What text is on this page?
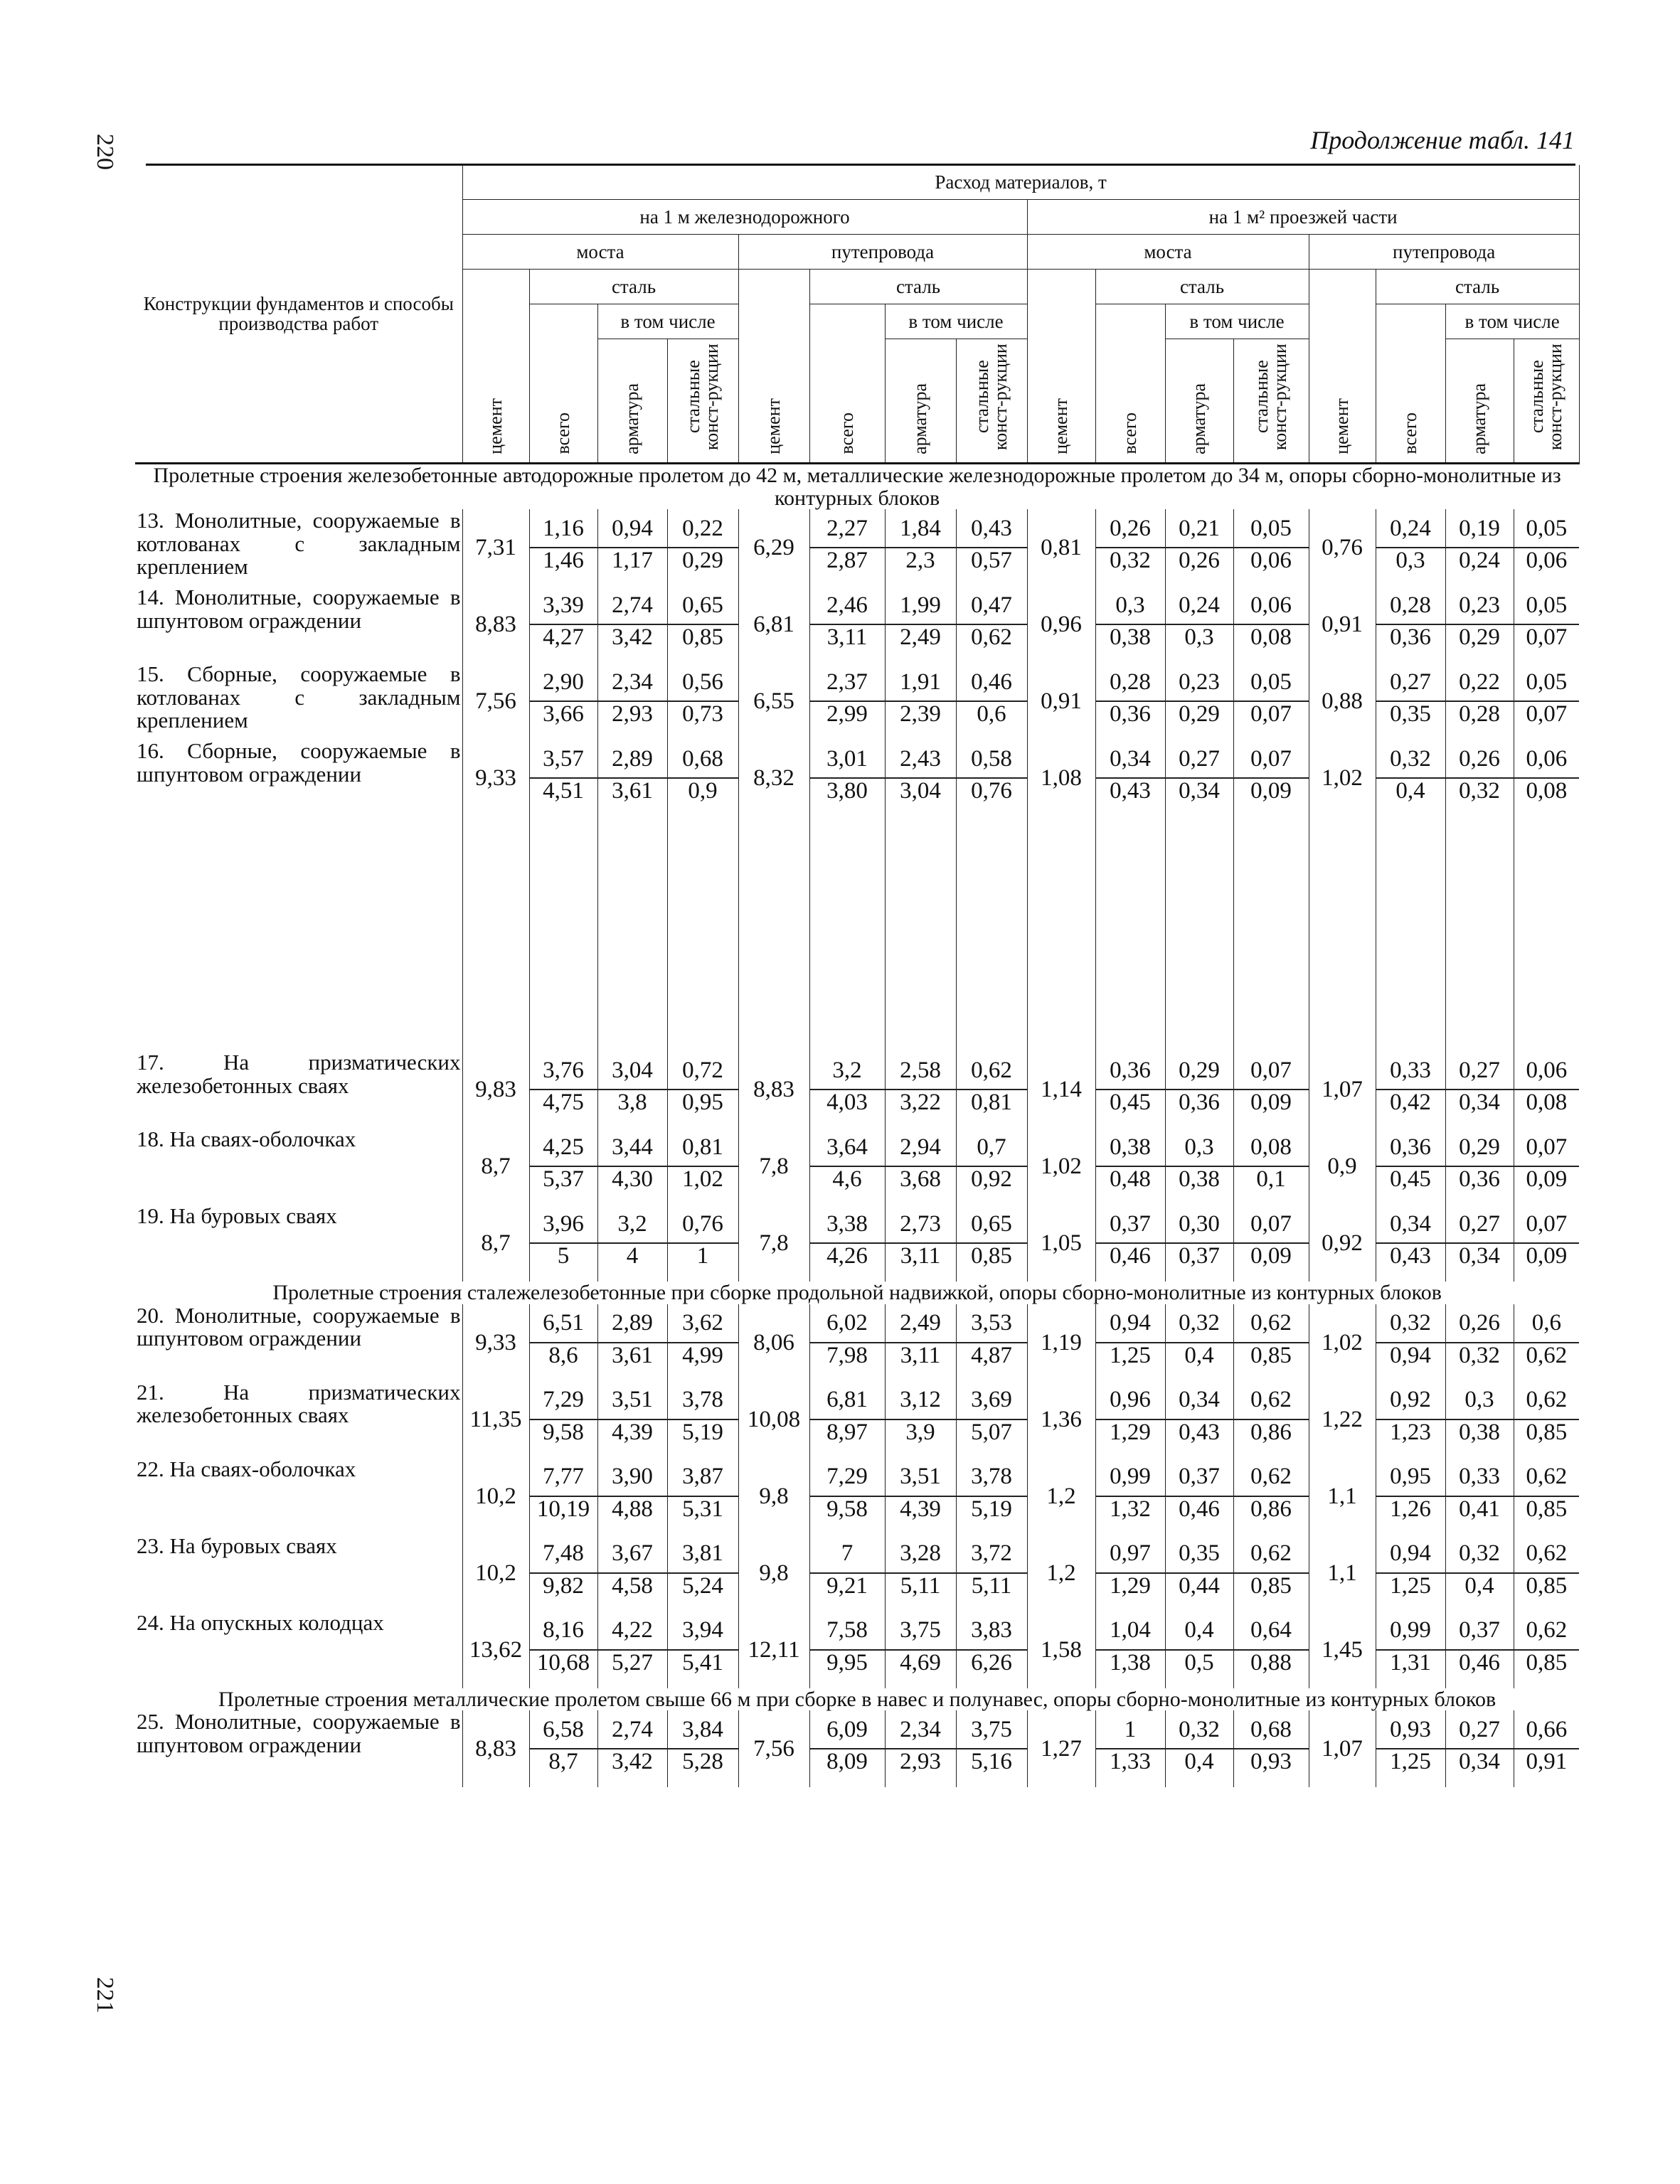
220
221
Продолжение табл. 141
Конструкции фундаментов и способы производства работ	Расход материалов, т															
	на 1 м железнодорожного								на 1 м² проезжей части							
	моста				путепровода				моста				путепровода			
	цемент	сталь			цемент	сталь			цемент	сталь			цемент	сталь		
		всего	в том числе			всего	в том числе			всего	в том числе			всего	в том числе	
			арматура	стальные конст-рукции			арматура	стальные конст-рукции			арматура	стальные конст-рукции			арматура	стальные конст-рукции
Пролетные строения железобетонные автодорожные пролетом до 42 м, металлические железнодорожные пролетом до 34 м, опоры сборно-монолитные из контурных блоков																
13. Монолитные, сооружаемые в котлованах с закладным креплением	7,31	1,16	0,94	0,22	6,29	2,27	1,84	0,43	0,81	0,26	0,21	0,05	0,76	0,24	0,19	0,05
		1,46	1,17	0,29		2,87	2,3	0,57		0,32	0,26	0,06		0,3	0,24	0,06
14. Монолитные, сооружаемые в шпунтовом ограждении	8,83	3,39	2,74	0,65	6,81	2,46	1,99	0,47	0,96	0,3	0,24	0,06	0,91	0,28	0,23	0,05
		4,27	3,42	0,85		3,11	2,49	0,62		0,38	0,3	0,08		0,36	0,29	0,07
15. Сборные, сооружаемые в котлованах с закладным креплением	7,56	2,90	2,34	0,56	6,55	2,37	1,91	0,46	0,91	0,28	0,23	0,05	0,88	0,27	0,22	0,05
		3,66	2,93	0,73		2,99	2,39	0,6		0,36	0,29	0,07		0,35	0,28	0,07
16. Сборные, сооружаемые в шпунтовом ограждении	9,33	3,57	2,89	0,68	8,32	3,01	2,43	0,58	1,08	0,34	0,27	0,07	1,02	0,32	0,26	0,06
		4,51	3,61	0,9		3,80	3,04	0,76		0,43	0,34	0,09		0,4	0,32	0,08

17. На призматических железобетонных сваях	9,83	3,76	3,04	0,72	8,83	3,2	2,58	0,62	1,14	0,36	0,29	0,07	1,07	0,33	0,27	0,06
		4,75	3,8	0,95		4,03	3,22	0,81		0,45	0,36	0,09		0,42	0,34	0,08
18. На сваях-оболочках	8,7	4,25	3,44	0,81	7,8	3,64	2,94	0,7	1,02	0,38	0,3	0,08	0,9	0,36	0,29	0,07
		5,37	4,30	1,02		4,6	3,68	0,92		0,48	0,38	0,1		0,45	0,36	0,09
19. На буровых сваях	8,7	3,96	3,2	0,76	7,8	3,38	2,73	0,65	1,05	0,37	0,30	0,07	0,92	0,34	0,27	0,07
		5	4	1		4,26	3,11	0,85		0,46	0,37	0,09		0,43	0,34	0,09
Пролетные строения сталежелезобетонные при сборке продольной надвижкой, опоры сборно-монолитные из контурных блоков																
20. Монолитные, сооружаемые в шпунтовом ограждении	9,33	6,51	2,89	3,62	8,06	6,02	2,49	3,53	1,19	0,94	0,32	0,62	1,02	0,32	0,26	0,6
		8,6	3,61	4,99		7,98	3,11	4,87		1,25	0,4	0,85		0,94	0,32	0,62
21. На призматических железобетонных сваях	11,35	7,29	3,51	3,78	10,08	6,81	3,12	3,69	1,36	0,96	0,34	0,62	1,22	0,92	0,3	0,62
		9,58	4,39	5,19		8,97	3,9	5,07		1,29	0,43	0,86		1,23	0,38	0,85
22. На сваях-оболочках	10,2	7,77	3,90	3,87	9,8	7,29	3,51	3,78	1,2	0,99	0,37	0,62	1,1	0,95	0,33	0,62
		10,19	4,88	5,31		9,58	4,39	5,19		1,32	0,46	0,86		1,26	0,41	0,85
23. На буровых сваях	10,2	7,48	3,67	3,81	9,8	7	3,28	3,72	1,2	0,97	0,35	0,62	1,1	0,94	0,32	0,62
		9,82	4,58	5,24		9,21	5,11	5,11		1,29	0,44	0,85		1,25	0,4	0,85
24. На опускных колодцах	13,62	8,16	4,22	3,94	12,11	7,58	3,75	3,83	1,58	1,04	0,4	0,64	1,45	0,99	0,37	0,62
		10,68	5,27	5,41		9,95	4,69	6,26		1,38	0,5	0,88		1,31	0,46	0,85
Пролетные строения металлические пролетом свыше 66 м при сборке в навес и полунавес, опоры сборно-монолитные из контурных блоков																
25. Монолитные, сооружаемые в шпунтовом ограждении	8,83	6,58	2,74	3,84	7,56	6,09	2,34	3,75	1,27	1	0,32	0,68	1,07	0,93	0,27	0,66
		8,7	3,42	5,28		8,09	2,93	5,16		1,33	0,4	0,93		1,25	0,34	0,91
